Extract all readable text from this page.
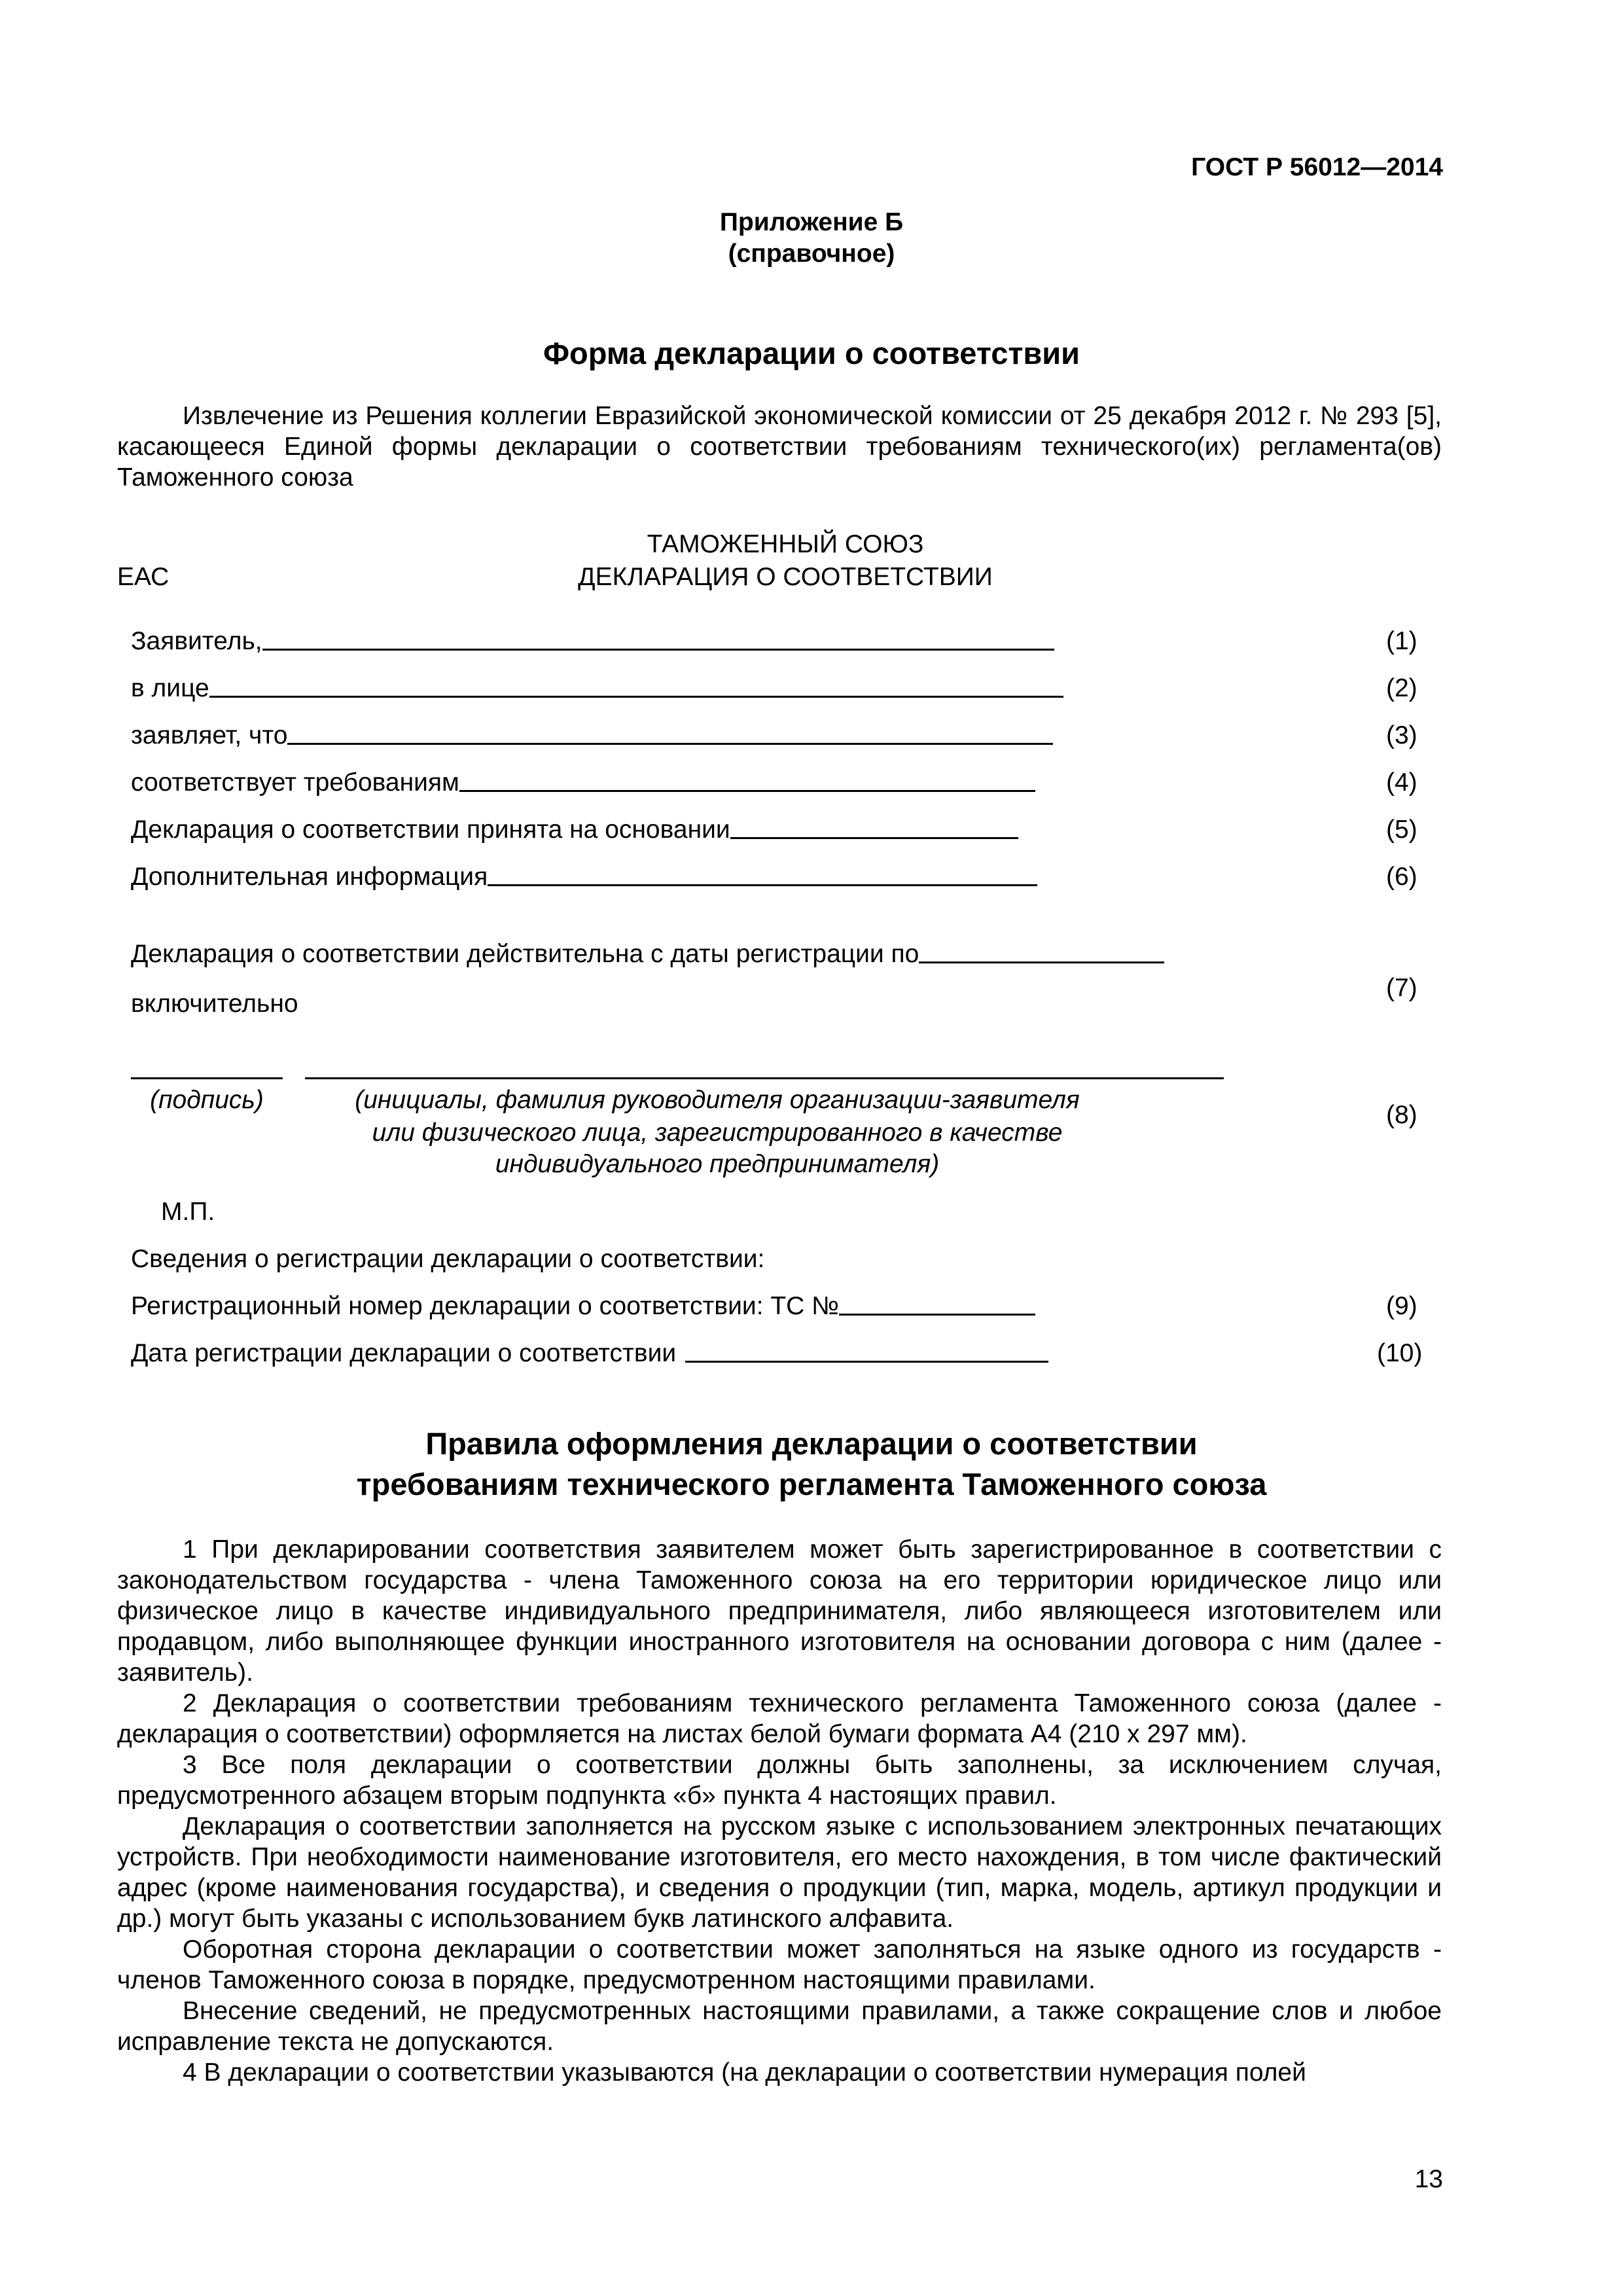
ГОСТ Р 56012—2014
Приложение Б
(справочное)
Форма декларации о соответствии

Извлечение из Решения коллегии Евразийской экономической комиссии от 25 декабря 2012 г. № 293 [5], касающееся Единой формы декларации о соответствии требованиям технического(их) регламента(ов) Таможенного союза

ТАМОЖЕННЫЙ СОЮЗ
ЕАС	ДЕКЛАРАЦИЯ О СООТВЕТСТВИИ
Заявитель,	(1)
в лице	(2)
заявляет, что	(3)
соответствует требованиям	(4)
Декларация о соответствии принята на основании	(5)
Дополнительная информация	(6)
Декларация о соответствии действительна с даты регистрации по
включительно
(7)
(подпись)	(инициалы, фамилия руководителя организации-заявителя
или физического лица, зарегистрированного в качестве
индивидуального предпринимателя)
(8)
М.П.
Сведения о регистрации декларации о соответствии:
Регистрационный номер декларации о соответствии: ТС №	(9)
Дата регистрации декларации о соответствии	(10)
Правила оформления декларации о соответствии
требованиям технического регламента Таможенного союза

1 При декларировании соответствия заявителем может быть зарегистрированное в соответствии с законодательством государства - члена Таможенного союза на его территории юридическое лицо или физическое лицо в качестве индивидуального предпринимателя, либо являющееся изготовителем или продавцом, либо выполняющее функции иностранного изготовителя на основании договора с ним (далее - заявитель).

2 Декларация о соответствии требованиям технического регламента Таможенного союза (далее - декларация о соответствии) оформляется на листах белой бумаги формата А4 (210 х 297 мм).

3 Все поля декларации о соответствии должны быть заполнены, за исключением случая, предусмотренного абзацем вторым подпункта «б» пункта 4 настоящих правил.

Декларация о соответствии заполняется на русском языке с использованием электронных печатающих устройств. При необходимости наименование изготовителя, его место нахождения, в том числе фактический адрес (кроме наименования государства), и сведения о продукции (тип, марка, модель, артикул продукции и др.) могут быть указаны с использованием букв латинского алфавита.

Оборотная сторона декларации о соответствии может заполняться на языке одного из государств - членов Таможенного союза в порядке, предусмотренном настоящими правилами.

Внесение сведений, не предусмотренных настоящими правилами, а также сокращение слов и любое исправление текста не допускаются.

4 В декларации о соответствии указываются (на декларации о соответствии нумерация полей

13
